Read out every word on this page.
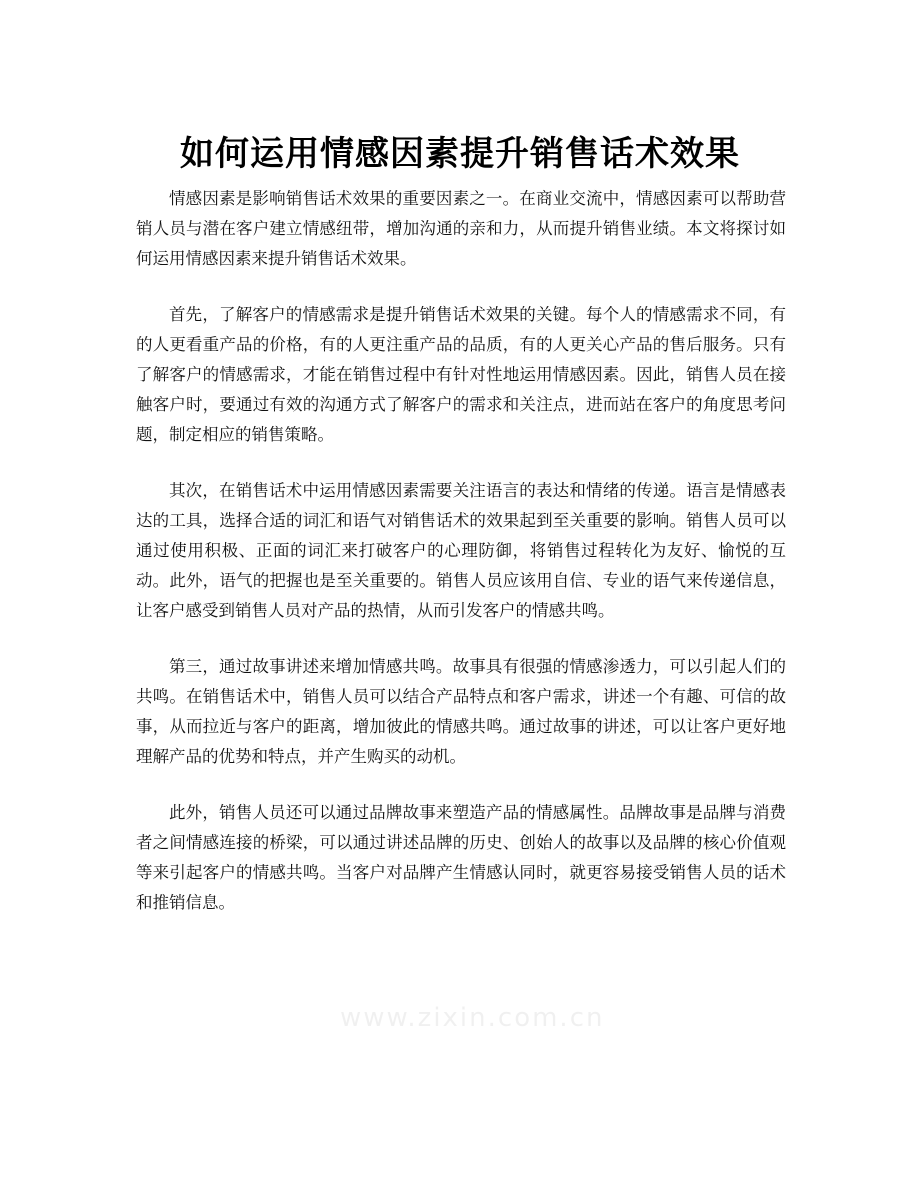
如何运用情感因素提升销售话术效果

情感因素是影响销售话术效果的重要因素之一。在商业交流中，情感因素可以帮助营销人员与潜在客户建立情感纽带，增加沟通的亲和力，从而提升销售业绩。本文将探讨如何运用情感因素来提升销售话术效果。

首先，了解客户的情感需求是提升销售话术效果的关键。每个人的情感需求不同，有的人更看重产品的价格，有的人更注重产品的品质，有的人更关心产品的售后服务。只有了解客户的情感需求，才能在销售过程中有针对性地运用情感因素。因此，销售人员在接触客户时，要通过有效的沟通方式了解客户的需求和关注点，进而站在客户的角度思考问题，制定相应的销售策略。

其次，在销售话术中运用情感因素需要关注语言的表达和情绪的传递。语言是情感表达的工具，选择合适的词汇和语气对销售话术的效果起到至关重要的影响。销售人员可以通过使用积极、正面的词汇来打破客户的心理防御，将销售过程转化为友好、愉悦的互动。此外，语气的把握也是至关重要的。销售人员应该用自信、专业的语气来传递信息，让客户感受到销售人员对产品的热情，从而引发客户的情感共鸣。

第三，通过故事讲述来增加情感共鸣。故事具有很强的情感渗透力，可以引起人们的共鸣。在销售话术中，销售人员可以结合产品特点和客户需求，讲述一个有趣、可信的故事，从而拉近与客户的距离，增加彼此的情感共鸣。通过故事的讲述，可以让客户更好地理解产品的优势和特点，并产生购买的动机。

此外，销售人员还可以通过品牌故事来塑造产品的情感属性。品牌故事是品牌与消费者之间情感连接的桥梁，可以通过讲述品牌的历史、创始人的故事以及品牌的核心价值观等来引起客户的情感共鸣。当客户对品牌产生情感认同时，就更容易接受销售人员的话术和推销信息。

www.zixin.com.cn
